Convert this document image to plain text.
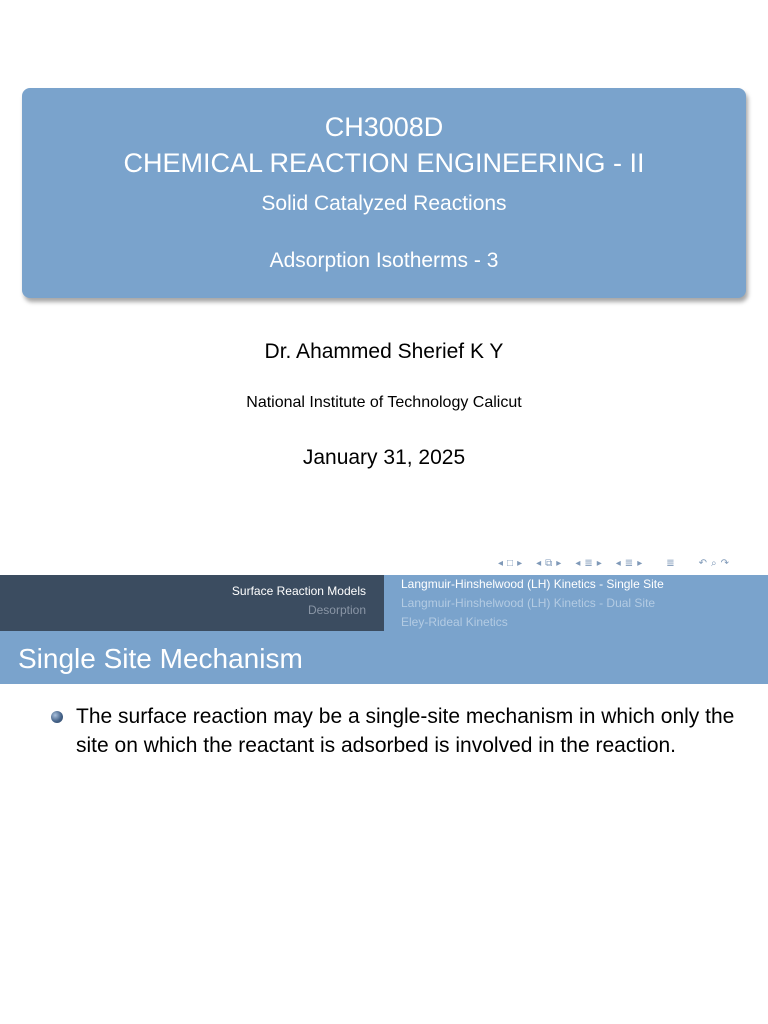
CH3008D
CHEMICAL REACTION ENGINEERING - II
Solid Catalyzed Reactions
Adsorption Isotherms - 3
Dr. Ahammed Sherief K Y
National Institute of Technology Calicut
January 31, 2025
◂ □ ▸ ◂ ⧉ ▸ ◂ ≣ ▸ ◂ ≣ ▸ ≣ ↶ ⌕ ↷
Surface Reaction Models
Desorption
Langmuir-Hinshelwood (LH) Kinetics - Single Site
Langmuir-Hinshelwood (LH) Kinetics - Dual Site
Eley-Rideal Kinetics
Single Site Mechanism
The surface reaction may be a single-site mechanism in which only the site on which the reactant is adsorbed is involved in the reaction.
